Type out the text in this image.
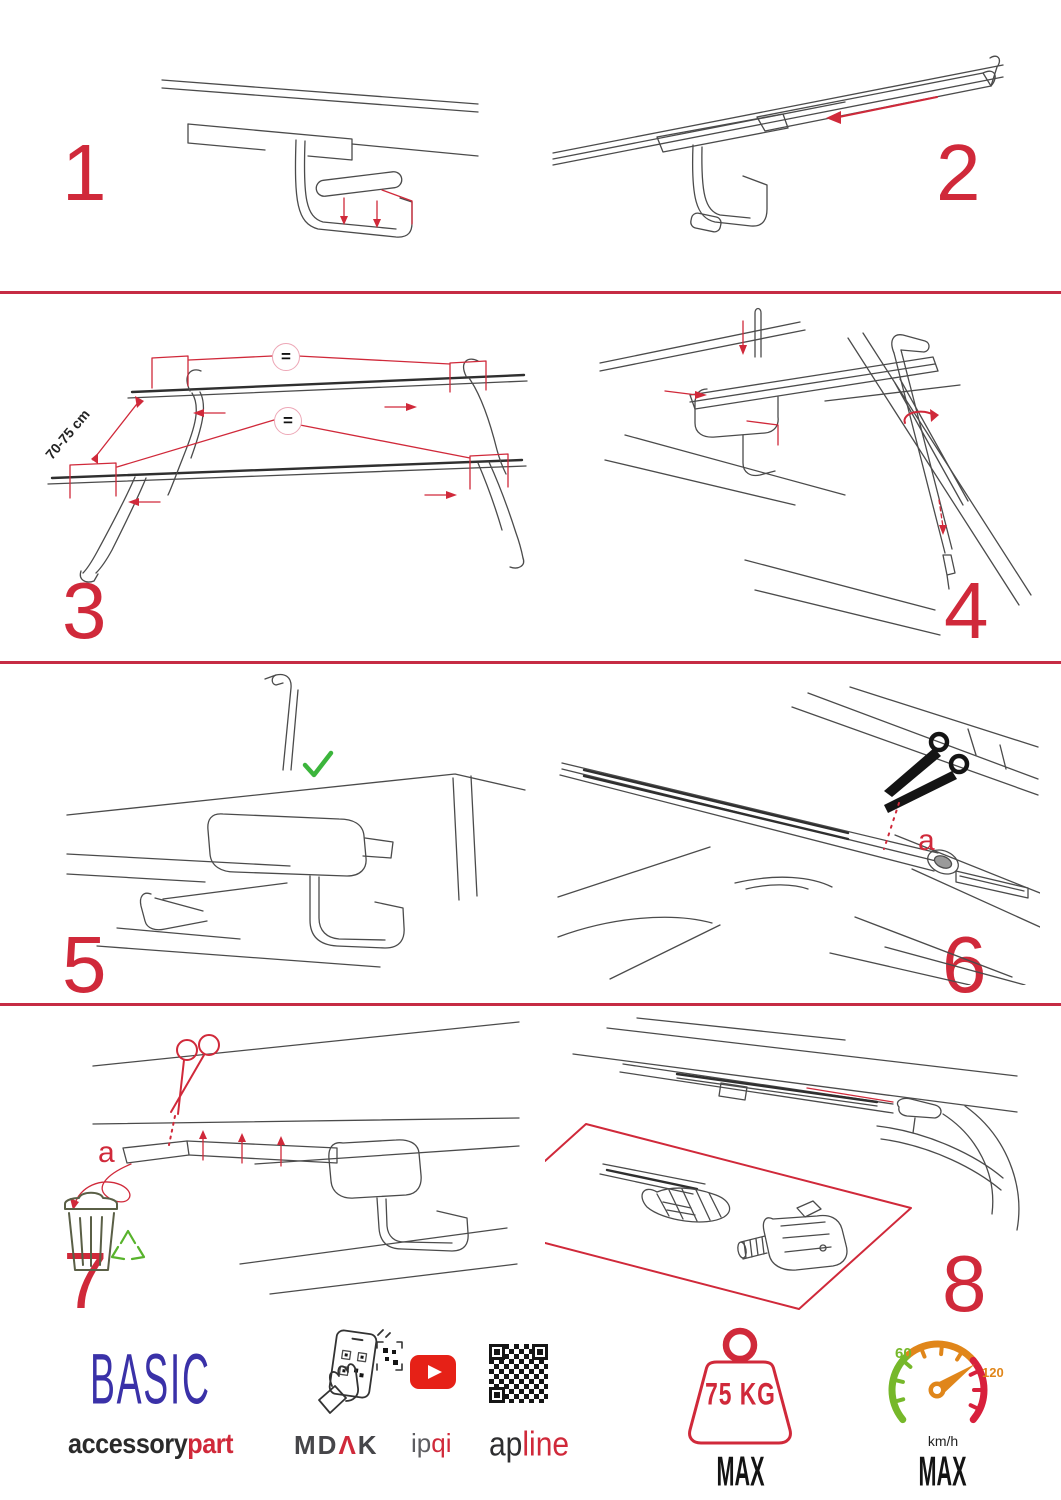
1	2
3	4
5	6
7	8
70-75 cm
=
=
a
a
BASIC
accessorypart MDΛK ipqi apline
75 KG
MAX
60
120
km/h
MAX
